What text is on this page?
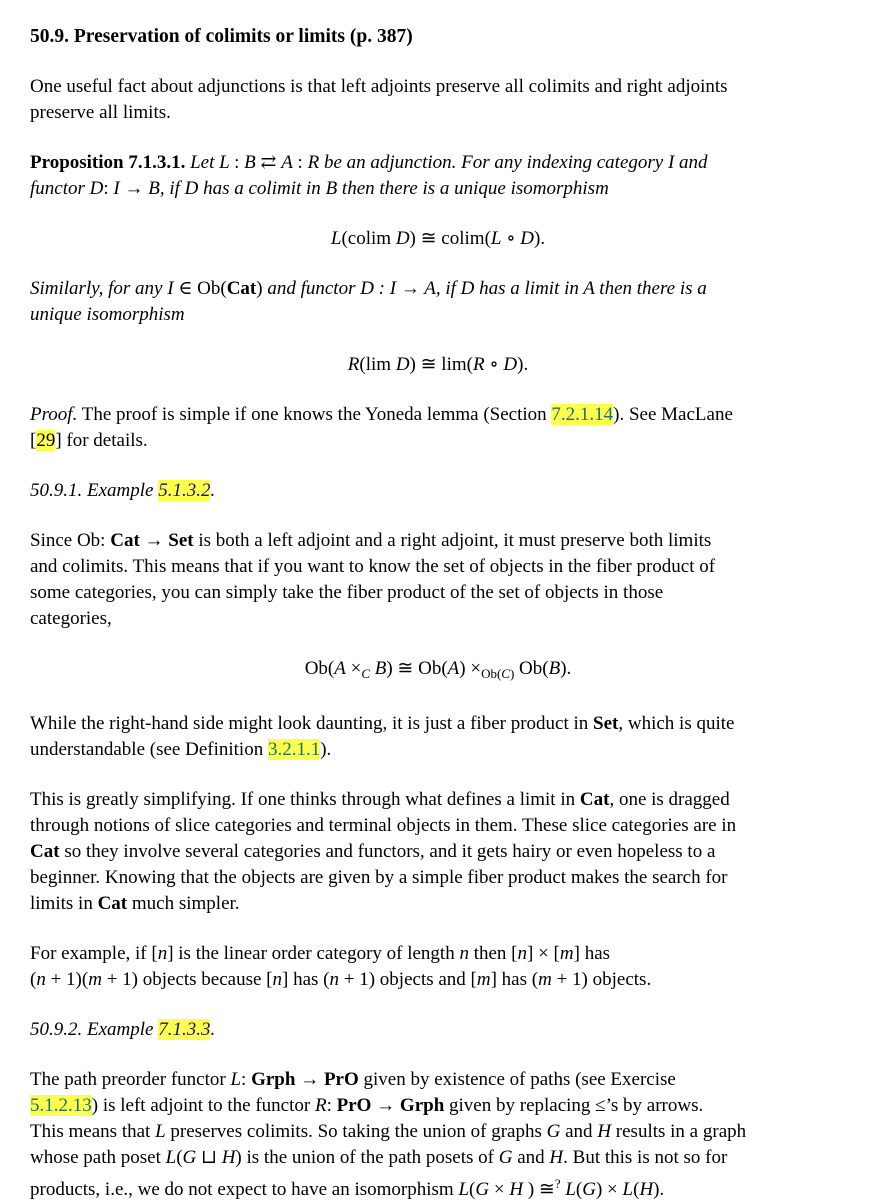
50.9. Preservation of colimits or limits (p. 387)
One useful fact about adjunctions is that left adjoints preserve all colimits and right adjoints
preserve all limits.
Proposition 7.1.3.1. Let L : B ⇄ A : R be an adjunction. For any indexing category I and
functor D: I → B, if D has a colimit in B then there is a unique isomorphism
L(colim D) ≅ colim(L ∘ D).
Similarly, for any I ∈ Ob(Cat) and functor D : I → A, if D has a limit in A then there is a
unique isomorphism
R(lim D) ≅ lim(R ∘ D).
Proof. The proof is simple if one knows the Yoneda lemma (Section 7.2.1.14). See MacLane
[29] for details.
50.9.1. Example 5.1.3.2.
Since Ob: Cat → Set is both a left adjoint and a right adjoint, it must preserve both limits
and colimits. This means that if you want to know the set of objects in the fiber product of
some categories, you can simply take the fiber product of the set of objects in those
categories,
$Ob(A \times_C$ B) ≅ $Ob(A) \times_{Ob(C)}$ Ob(B).
While the right-hand side might look daunting, it is just a fiber product in Set, which is quite
understandable (see Definition 3.2.1.1).
This is greatly simplifying. If one thinks through what defines a limit in Cat, one is dragged
through notions of slice categories and terminal objects in them. These slice categories are in
Cat so they involve several categories and functors, and it gets hairy or even hopeless to a
beginner. Knowing that the objects are given by a simple fiber product makes the search for
limits in Cat much simpler.
For example, if [n] is the linear order category of length n then [n] × [m] has
(n + 1)(m + 1) objects because [n] has (n + 1) objects and [m] has (m + 1) objects.
50.9.2. Example 7.1.3.3.
The path preorder functor L: Grph → PrO given by existence of paths (see Exercise
5.1.2.13) is left adjoint to the functor R: PrO → Grph given by replacing ≤’s by arrows.
This means that L preserves colimits. So taking the union of graphs G and H results in a graph
whose path poset L(G ⊔ H) is the union of the path posets of G and H. But this is not so for
products, i.e., we do not expect to have an isomorphism L(G × H ) ≅? L(G) × L(H).
